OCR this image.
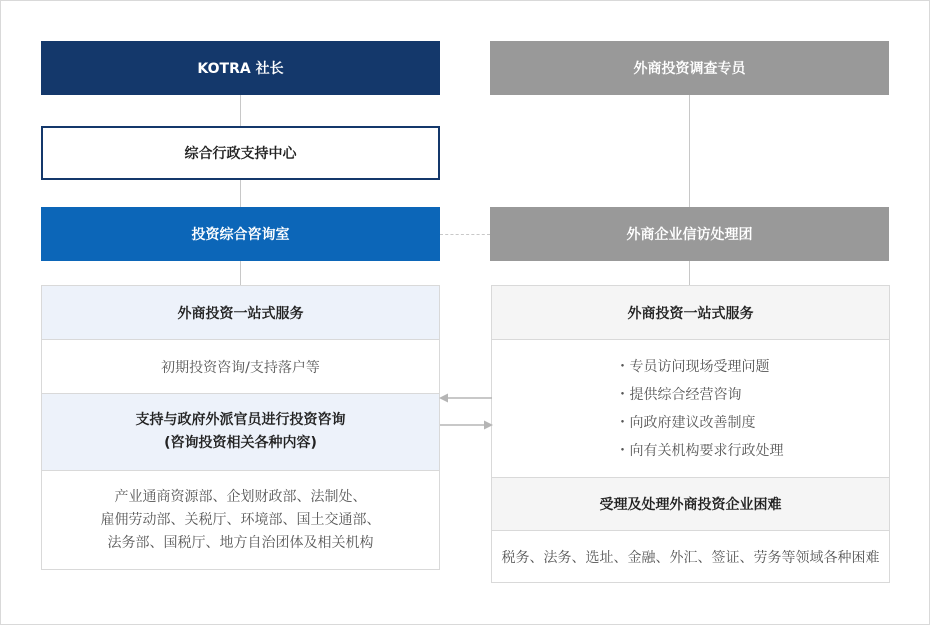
KOTRA 社长
综合行政支持中心
投资综合咨询室
外商投资调查专员
外商企业信访处理团
外商投资一站式服务
初期投资咨询/支持落户等
支持与政府外派官员进行投资咨询
(咨询投资相关各种内容)
产业通商资源部、企划财政部、法制处、
雇佣劳动部、关税厅、环境部、国土交通部、
法务部、国税厅、地方自治团体及相关机构
外商投资一站式服务
・专员访问现场受理问题
・提供综合经营咨询
・向政府建议改善制度
・向有关机构要求行政处理
受理及处理外商投资企业困难
税务、法务、选址、金融、外汇、签证、劳务等领域各种困难
